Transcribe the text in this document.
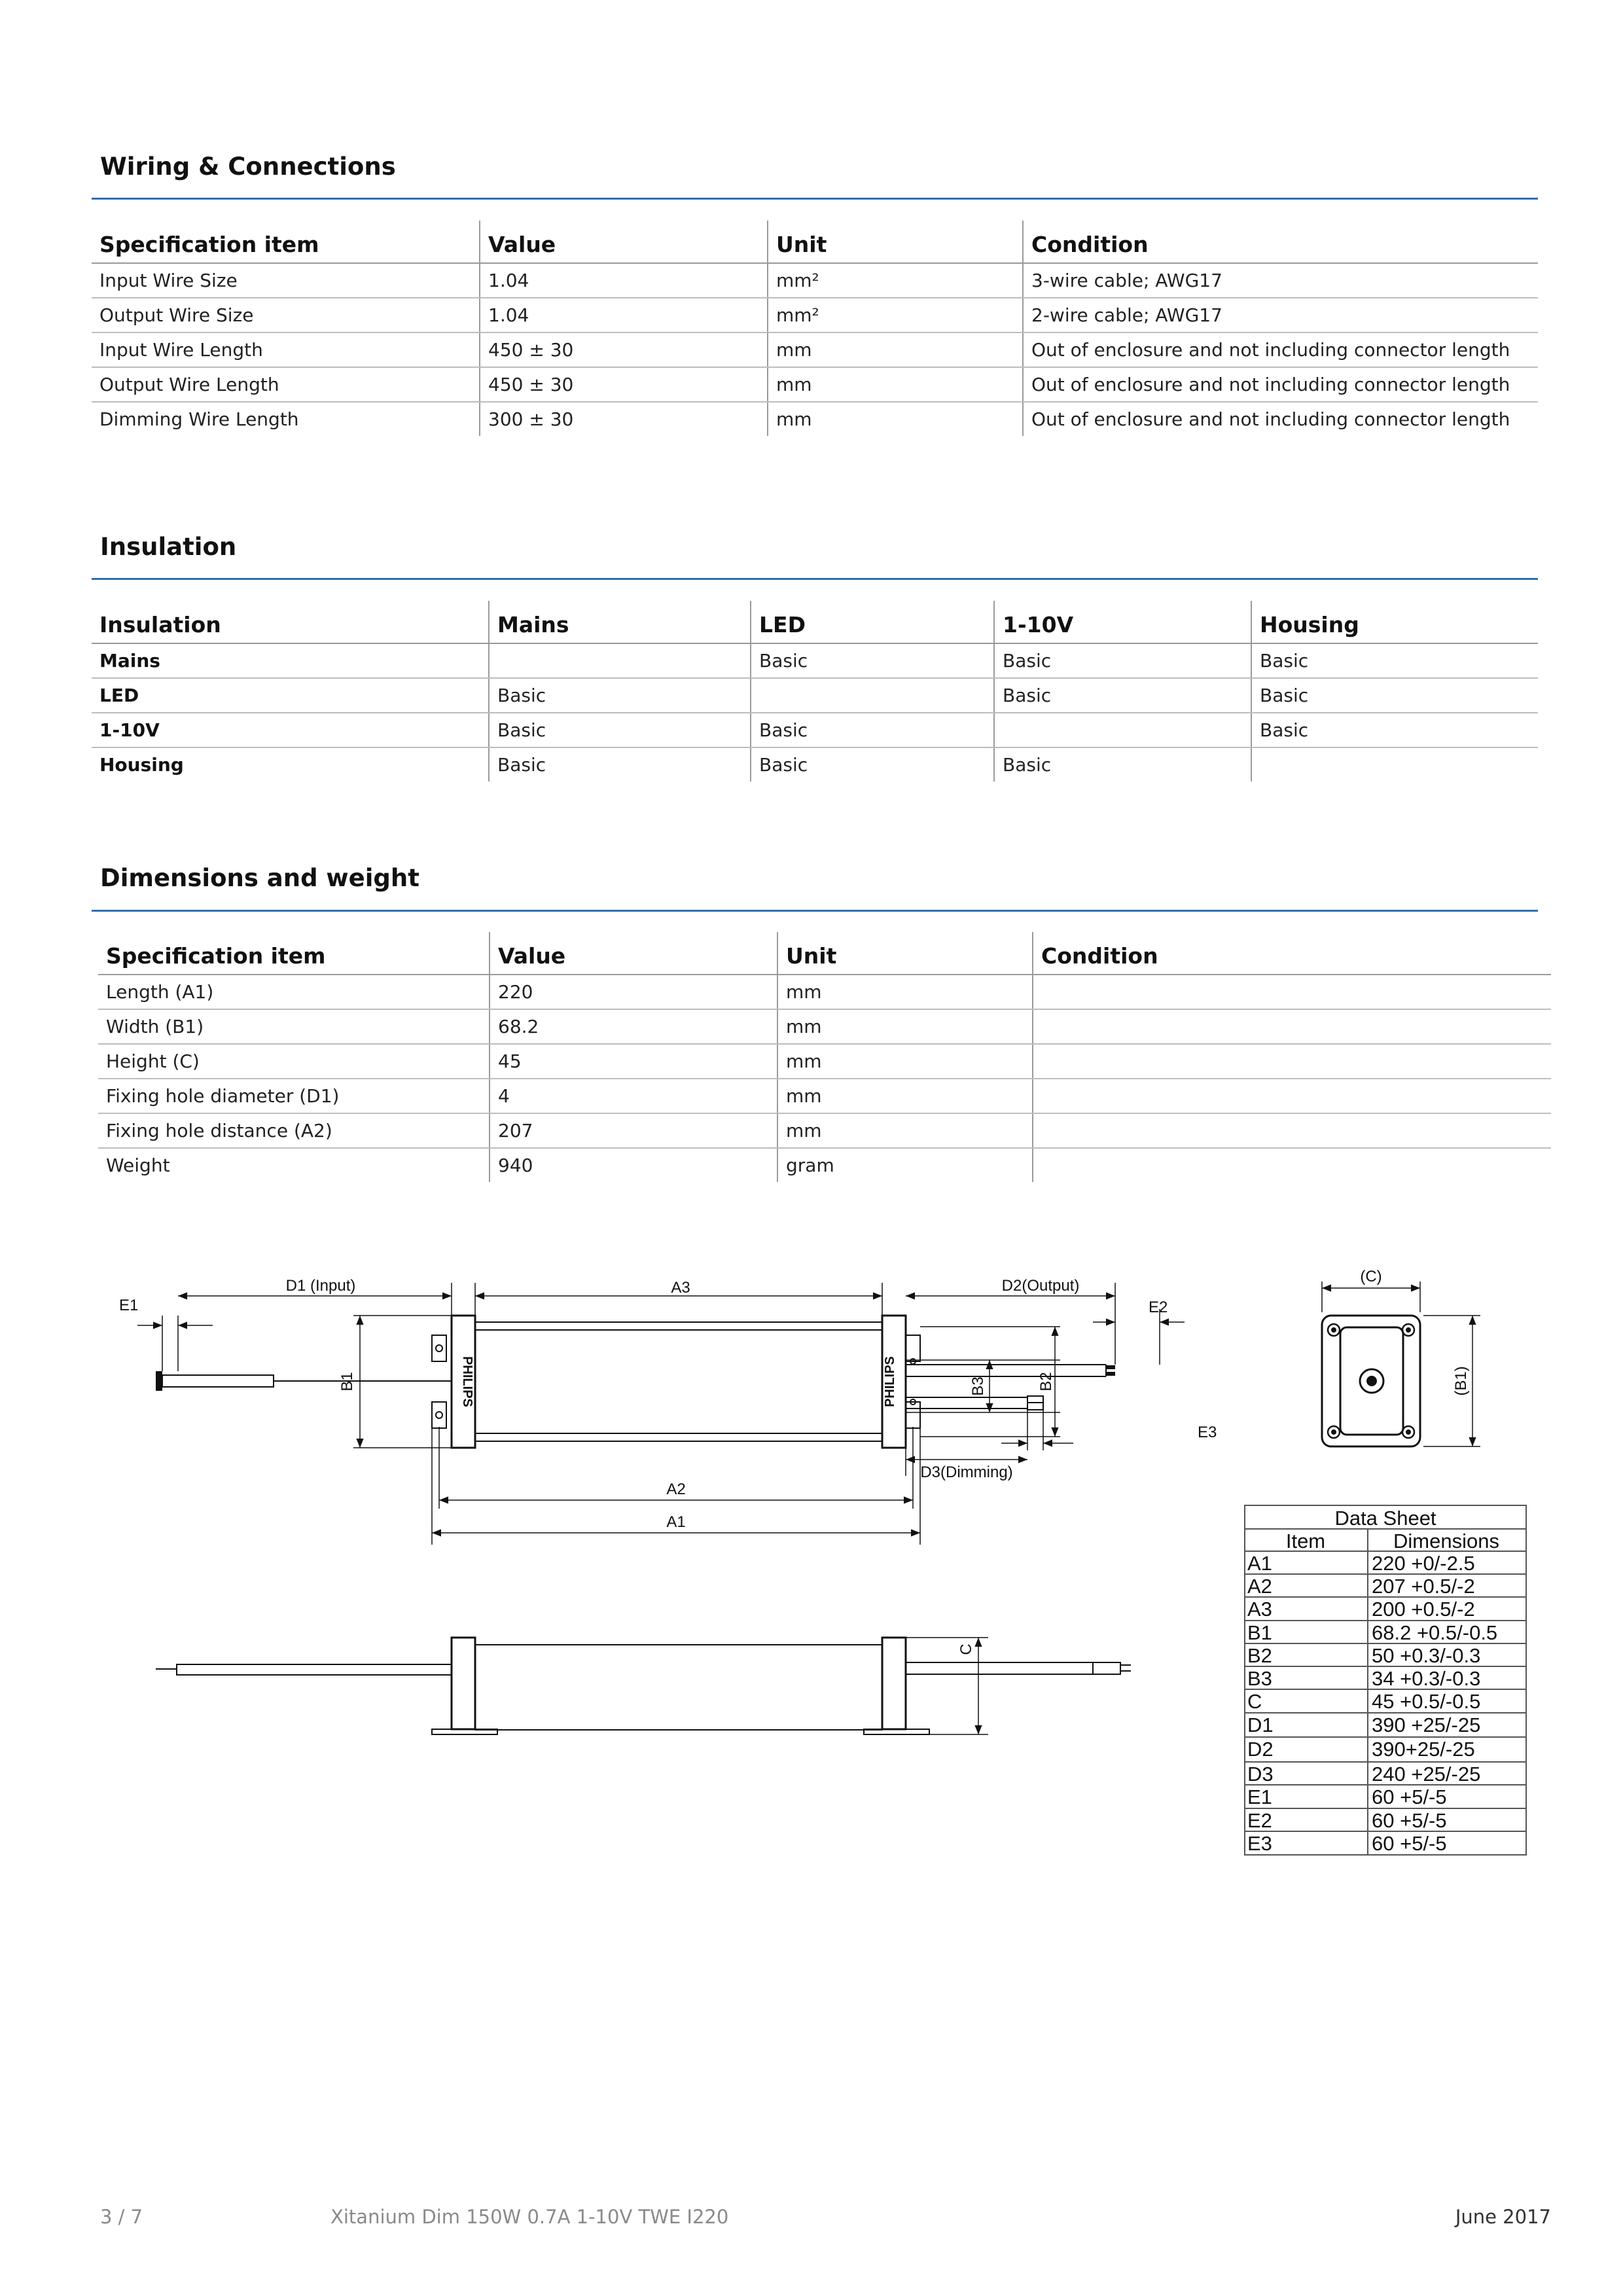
Wiring & Connections
Specification item	Value	Unit	Condition
Input Wire Size	1.04	mm²	3-wire cable; AWG17
Output Wire Size	1.04	mm²	2-wire cable; AWG17
Input Wire Length	450 ± 30	mm	Out of enclosure and not including connector length
Output Wire Length	450 ± 30	mm	Out of enclosure and not including connector length
Dimming Wire Length	300 ± 30	mm	Out of enclosure and not including connector length
Insulation
Insulation	Mains	LED	1-10V	Housing
Mains		Basic	Basic	Basic
LED	Basic		Basic	Basic
1-10V	Basic	Basic		Basic
Housing	Basic	Basic	Basic	
Dimensions and weight
Specification item	Value	Unit	Condition
Length (A1)	220	mm	
Width (B1)	68.2	mm	
Height (C)	45	mm	
Fixing hole diameter (D1)	4	mm	
Fixing hole distance (A2)	207	mm	
Weight	940	gram	
PHILIPS	PHILIPS
D1 (Input)	A3	D2(Output)
E1	E2
B1	B3	B2
E3
D3(Dimming)
A2
A1
(C)
(B1)
C
Data Sheet
Item	Dimensions
A1	220 +0/-2.5
A2	207 +0.5/-2
A3	200 +0.5/-2
B1	68.2 +0.5/-0.5
B2	50 +0.3/-0.3
B3	34 +0.3/-0.3
C	45 +0.5/-0.5
D1	390 +25/-25
D2	390+25/-25
D3	240 +25/-25
E1	60 +5/-5
E2	60 +5/-5
E3	60 +5/-5
3 / 7	Xitanium Dim 150W 0.7A 1-10V TWE I220	June 2017
